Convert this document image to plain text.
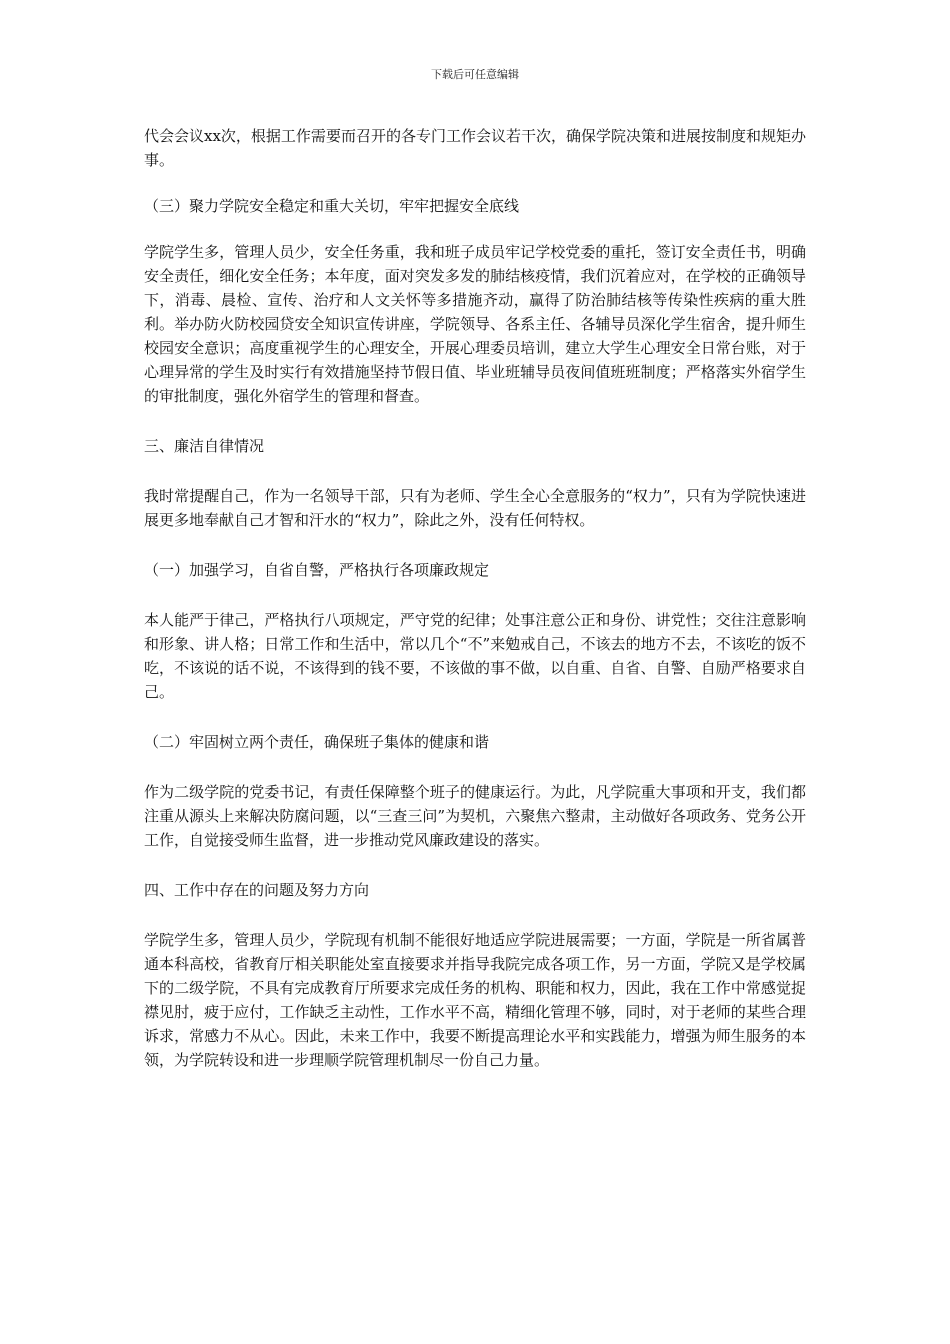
下载后可任意编辑

代会会议xx次，根据工作需要而召开的各专门工作会议若干次，确保学院决策和进展按制度和规矩办事。

（三）聚力学院安全稳定和重大关切，牢牢把握安全底线

学院学生多，管理人员少，安全任务重，我和班子成员牢记学校党委的重托，签订安全责任书，明确安全责任，细化安全任务；本年度，面对突发多发的肺结核疫情，我们沉着应对，在学校的正确领导下，消毒、晨检、宣传、治疗和人文关怀等多措施齐动，赢得了防治肺结核等传染性疾病的重大胜利。举办防火防校园贷安全知识宣传讲座，学院领导、各系主任、各辅导员深化学生宿舍，提升师生校园安全意识；高度重视学生的心理安全，开展心理委员培训，建立大学生心理安全日常台账，对于心理异常的学生及时实行有效措施坚持节假日值、毕业班辅导员夜间值班班制度；严格落实外宿学生的审批制度，强化外宿学生的管理和督查。

三、廉洁自律情况

我时常提醒自己，作为一名领导干部，只有为老师、学生全心全意服务的“权力”，只有为学院快速进展更多地奉献自己才智和汗水的“权力”，除此之外，没有任何特权。

（一）加强学习，自省自警，严格执行各项廉政规定

本人能严于律己，严格执行八项规定，严守党的纪律；处事注意公正和身份、讲党性；交往注意影响和形象、讲人格；日常工作和生活中，常以几个“不”来勉戒自己，不该去的地方不去，不该吃的饭不吃，不该说的话不说，不该得到的钱不要，不该做的事不做，以自重、自省、自警、自励严格要求自己。

（二）牢固树立两个责任，确保班子集体的健康和谐

作为二级学院的党委书记，有责任保障整个班子的健康运行。为此，凡学院重大事项和开支，我们都注重从源头上来解决防腐问题，以“三查三问”为契机，六聚焦六整肃，主动做好各项政务、党务公开工作，自觉接受师生监督，进一步推动党风廉政建设的落实。

四、工作中存在的问题及努力方向

学院学生多，管理人员少，学院现有机制不能很好地适应学院进展需要；一方面，学院是一所省属普通本科高校，省教育厅相关职能处室直接要求并指导我院完成各项工作，另一方面，学院又是学校属下的二级学院，不具有完成教育厅所要求完成任务的机构、职能和权力，因此，我在工作中常感觉捉襟见肘，疲于应付，工作缺乏主动性，工作水平不高，精细化管理不够，同时，对于老师的某些合理诉求，常感力不从心。因此，未来工作中，我要不断提高理论水平和实践能力，增强为师生服务的本领，为学院转设和进一步理顺学院管理机制尽一份自己力量。
